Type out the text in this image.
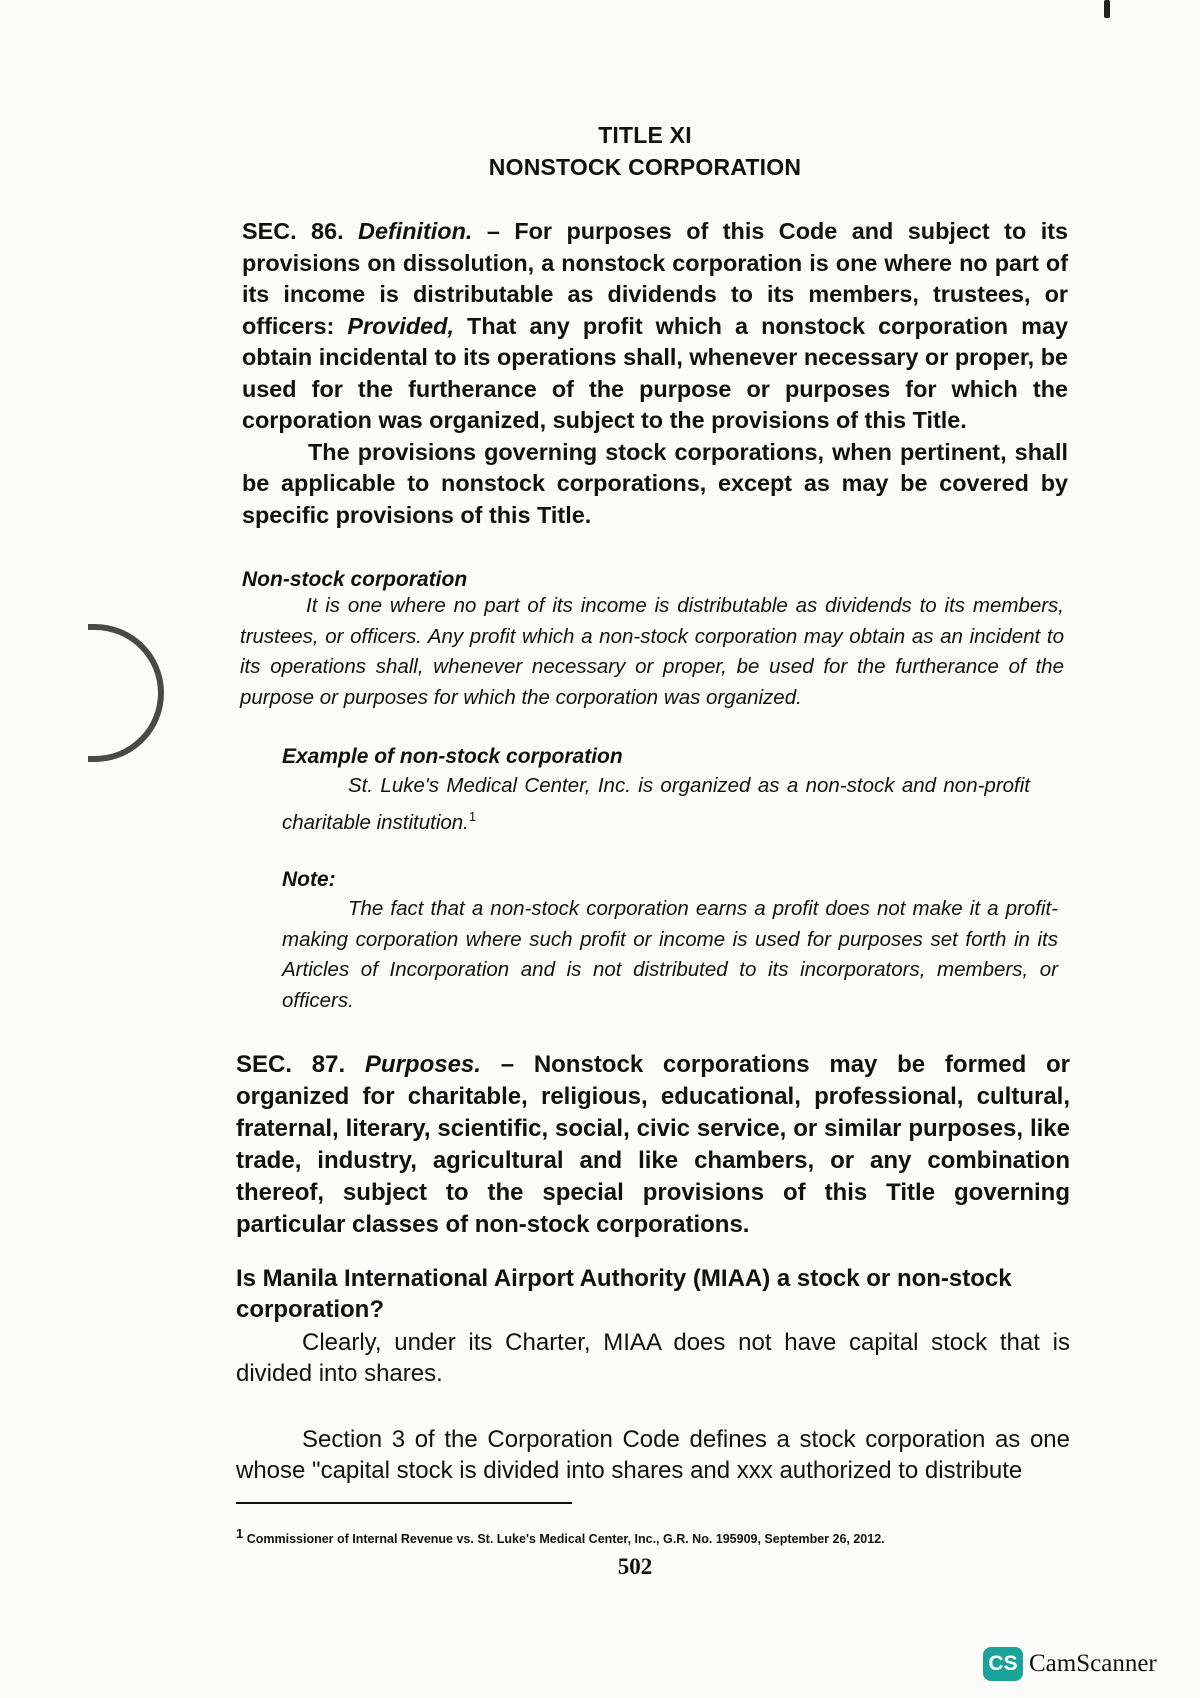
TITLE XI
NONSTOCK CORPORATION
SEC. 86. Definition. – For purposes of this Code and subject to its provisions on dissolution, a nonstock corporation is one where no part of its income is distributable as dividends to its members, trustees, or officers: Provided, That any profit which a nonstock corporation may obtain incidental to its operations shall, whenever necessary or proper, be used for the furtherance of the purpose or purposes for which the corporation was organized, subject to the provisions of this Title.
The provisions governing stock corporations, when pertinent, shall be applicable to nonstock corporations, except as may be covered by specific provisions of this Title.
Non-stock corporation
It is one where no part of its income is distributable as dividends to its members, trustees, or officers. Any profit which a non-stock corporation may obtain as an incident to its operations shall, whenever necessary or proper, be used for the furtherance of the purpose or purposes for which the corporation was organized.
Example of non-stock corporation
St. Luke's Medical Center, Inc. is organized as a non-stock and non-profit charitable institution.$^1$
Note:
The fact that a non-stock corporation earns a profit does not make it a profit-making corporation where such profit or income is used for purposes set forth in its Articles of Incorporation and is not distributed to its incorporators, members, or officers.
SEC. 87. Purposes. – Nonstock corporations may be formed or organized for charitable, religious, educational, professional, cultural, fraternal, literary, scientific, social, civic service, or similar purposes, like trade, industry, agricultural and like chambers, or any combination thereof, subject to the special provisions of this Title governing particular classes of non-stock corporations.
Is Manila International Airport Authority (MIAA) a stock or non-stock corporation?
Clearly, under its Charter, MIAA does not have capital stock that is divided into shares.
Section 3 of the Corporation Code defines a stock corporation as one whose "capital stock is divided into shares and xxx authorized to distribute
1 Commissioner of Internal Revenue vs. St. Luke's Medical Center, Inc., G.R. No. 195909, September 26, 2012.
502
CS CamScanner
